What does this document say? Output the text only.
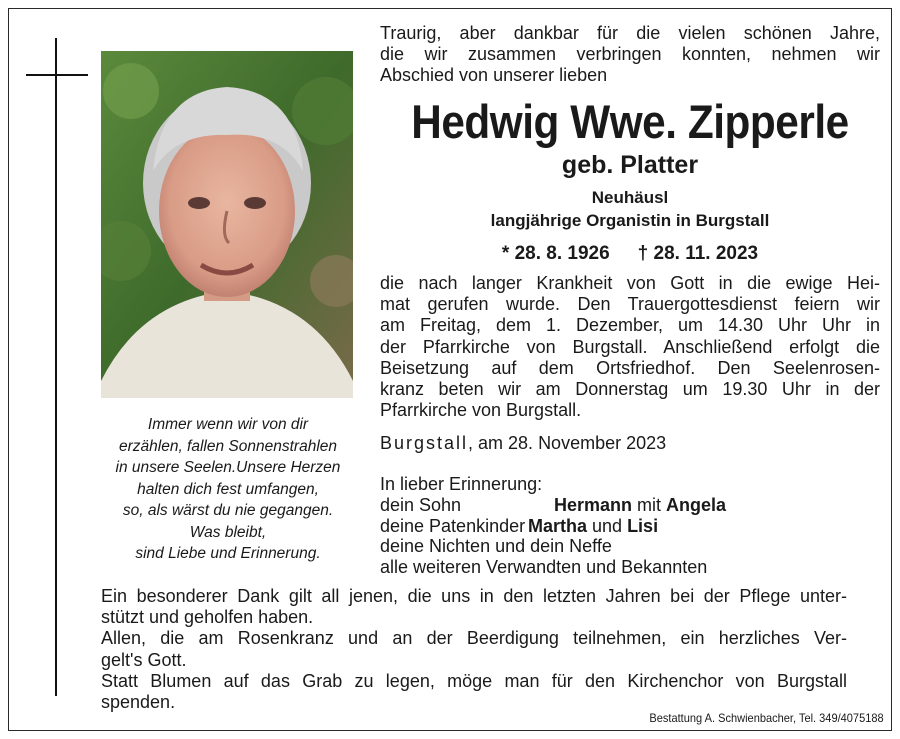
Immer wenn wir von dir
erzählen, fallen Sonnenstrahlen
in unsere Seelen.Unsere Herzen
halten dich fest umfangen,
so, als wärst du nie gegangen.
Was bleibt,
sind Liebe und Erinnerung.
Traurig, aber dankbar für die vielen schönen Jahre,
die wir zusammen verbringen konnten, nehmen wir
Abschied von unserer lieben
Hedwig Wwe. Zipperle
geb. Platter
Neuhäusl
langjährige Organistin in Burgstall
* 28. 8. 1926 † 28. 11. 2023
die nach langer Krankheit von Gott in die ewige Hei-
mat gerufen wurde. Den Trauergottesdienst feiern wir
am Freitag, dem 1. Dezember, um 14.30 Uhr Uhr in
der Pfarrkirche von Burgstall. Anschließend erfolgt die
Beisetzung auf dem Ortsfriedhof. Den Seelenrosen-
kranz beten wir am Donnerstag um 19.30 Uhr in der
Pfarrkirche von Burgstall.
Burgstall, am 28. November 2023
In lieber Erinnerung:
dein Sohn	Hermann mit Angela
deine Patenkinder Martha und Lisi
deine Nichten und dein Neffe
alle weiteren Verwandten und Bekannten
Ein besonderer Dank gilt all jenen, die uns in den letzten Jahren bei der Pflege unter-
stützt und geholfen haben.
Allen, die am Rosenkranz und an der Beerdigung teilnehmen, ein herzliches Ver-
gelt's Gott.
Statt Blumen auf das Grab zu legen, möge man für den Kirchenchor von Burgstall
spenden.
Bestattung A. Schwienbacher, Tel. 349/4075188
